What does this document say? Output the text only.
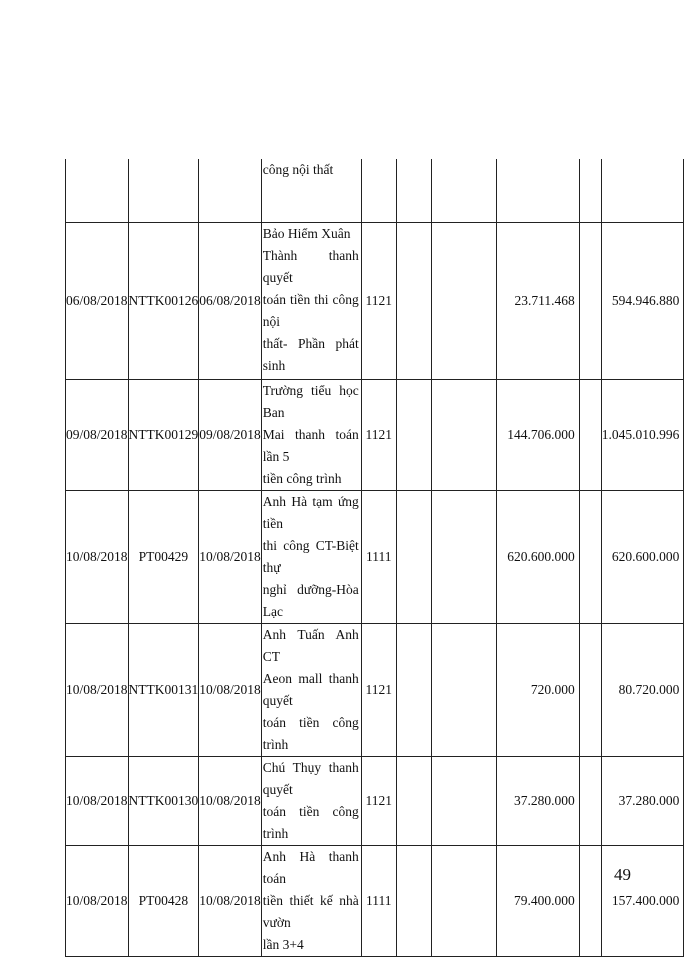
			công nội thất						

06/08/2018	NTTK00126	06/08/2018	Bảo Hiểm Xuân
Thành thanh quyết
toán tiền thi công nội
thất- Phần phát sinh	1121			23.711.468		594.946.880
09/08/2018	NTTK00129	09/08/2018	Trường tiểu học Ban
Mai thanh toán lần 5
tiền công trình	1121			144.706.000		1.045.010.996
10/08/2018	PT00429	10/08/2018	Anh Hà tạm ứng tiền
thi công CT-Biệt thự
nghỉ dưỡng-Hòa Lạc	1111			620.600.000		620.600.000
10/08/2018	NTTK00131	10/08/2018	Anh Tuấn Anh CT
Aeon mall thanh quyết
toán tiền công trình	1121			720.000		80.720.000
10/08/2018	NTTK00130	10/08/2018	Chú Thụy thanh quyết
toán tiền công trình	1121			37.280.000		37.280.000
10/08/2018	PT00428	10/08/2018	Anh Hà thanh toán
tiền thiết kế nhà vườn
lần 3+4	1111			79.400.000		157.400.000
49
